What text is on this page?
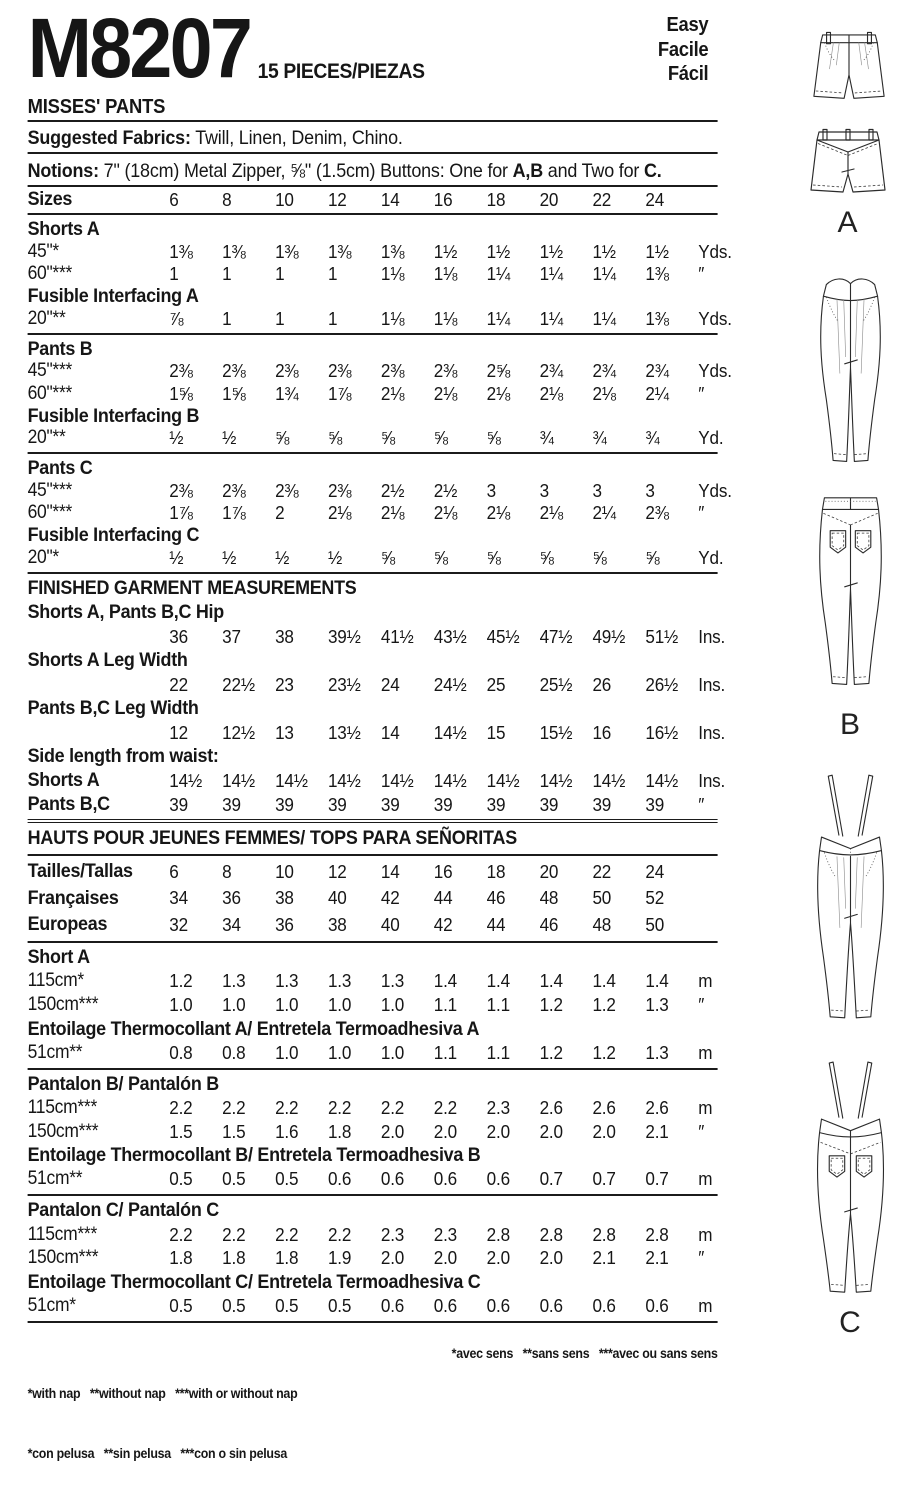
M8207 15 PIECES/PIEZAS
Easy
Facile
Fácil
MISSES' PANTS
Suggested Fabrics: Twill, Linen, Denim, Chino.
Notions: 7" (18cm) Metal Zipper, ⅝" (1.5cm) Buttons: One for A,B and Two for C.
Sizes	6	8	10	12	14	16	18	20	22	24
Shorts A
45"*	1⅜	1⅜	1⅜	1⅜	1⅜	1½	1½	1½	1½	1½	Yds.
60"***	1	1	1	1	1⅛	1⅛	1¼	1¼	1¼	1⅜	″
Fusible Interfacing A
20"**	⅞	1	1	1	1⅛	1⅛	1¼	1¼	1¼	1⅜	Yds.
Pants B
45"***	2⅜	2⅜	2⅜	2⅜	2⅜	2⅜	2⅝	2¾	2¾	2¾	Yds.
60"***	1⅝	1⅝	1¾	1⅞	2⅛	2⅛	2⅛	2⅛	2⅛	2¼	″
Fusible Interfacing B
20"**	½	½	⅝	⅝	⅝	⅝	⅝	¾	¾	¾	Yd.
Pants C
45"***	2⅜	2⅜	2⅜	2⅜	2½	2½	3	3	3	3	Yds.
60"***	1⅞	1⅞	2	2⅛	2⅛	2⅛	2⅛	2⅛	2¼	2⅜	″
Fusible Interfacing C
20"*	½	½	½	½	⅝	⅝	⅝	⅝	⅝	⅝	Yd.
FINISHED GARMENT MEASUREMENTS
Shorts A, Pants B,C Hip
36	37	38	39½	41½	43½	45½	47½	49½	51½	Ins.
Shorts A Leg Width
22	22½	23	23½	24	24½	25	25½	26	26½	Ins.
Pants B,C Leg Width
12	12½	13	13½	14	14½	15	15½	16	16½	Ins.
Side length from waist:
Shorts A	14½	14½	14½	14½	14½	14½	14½	14½	14½	14½	Ins.
Pants B,C	39	39	39	39	39	39	39	39	39	39	″
HAUTS POUR JEUNES FEMMES/ TOPS PARA SEÑORITAS
Tailles/Tallas	6	8	10	12	14	16	18	20	22	24
Françaises	34	36	38	40	42	44	46	48	50	52
Europeas	32	34	36	38	40	42	44	46	48	50
Short A
115cm*	1.2	1.3	1.3	1.3	1.3	1.4	1.4	1.4	1.4	1.4	m
150cm***	1.0	1.0	1.0	1.0	1.0	1.1	1.1	1.2	1.2	1.3	″
Entoilage Thermocollant A/ Entretela Termoadhesiva A
51cm**	0.8	0.8	1.0	1.0	1.0	1.1	1.1	1.2	1.2	1.3	m
Pantalon B/ Pantalón B
115cm***	2.2	2.2	2.2	2.2	2.2	2.2	2.3	2.6	2.6	2.6	m
150cm***	1.5	1.5	1.6	1.8	2.0	2.0	2.0	2.0	2.0	2.1	″
Entoilage Thermocollant B/ Entretela Termoadhesiva B
51cm**	0.5	0.5	0.5	0.6	0.6	0.6	0.6	0.7	0.7	0.7	m
Pantalon C/ Pantalón C
115cm***	2.2	2.2	2.2	2.2	2.3	2.3	2.8	2.8	2.8	2.8	m
150cm***	1.8	1.8	1.8	1.9	2.0	2.0	2.0	2.0	2.1	2.1	″
Entoilage Thermocollant C/ Entretela Termoadhesiva C
51cm*	0.5	0.5	0.5	0.5	0.6	0.6	0.6	0.6	0.6	0.6	m

*with nap   **without nap   ***with or without nap

*con pelusa   **sin pelusa   ***con o sin pelusa

*avec sens   **sans sens   ***avec ou sans sens
A
B
C
